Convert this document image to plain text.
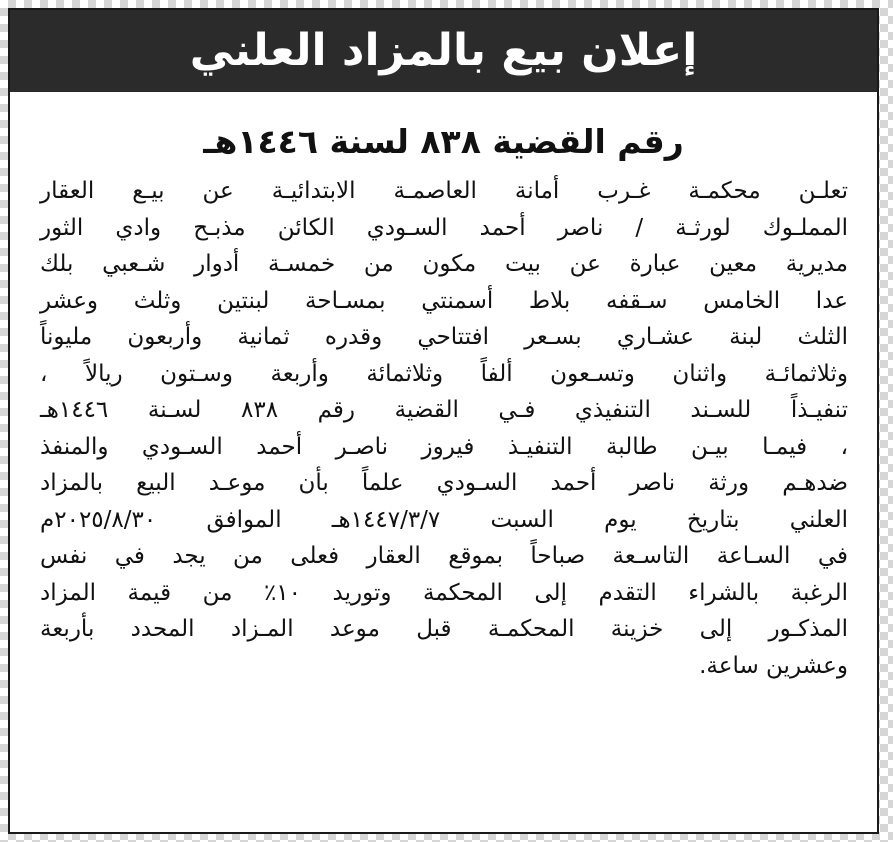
إعلان بيع بالمزاد العلني
رقم القضية ٨٣٨ لسنة ١٤٤٦هـ
تعلـن محكمـة غـرب أمانة العاصمـة الابتدائيـة عن بيـع العقار
المملـوك لورثـة / ناصر أحمد السـودي الكائن مذبـح وادي الثور
مديرية معين عبارة عن بيت مكون من خمسـة أدوار شـعبي بلك
عدا الخامس سـقفه بلاط أسمنتي بمسـاحة لبنتين وثلث وعشر
الثلث لبنة عشـاري بسـعر افتتاحي وقدره ثمانية وأربعون مليوناً
وثلاثمائـة واثنان وتسـعون ألفاً وثلاثمائة وأربعة وسـتون ريالاً ،
تنفيـذاً للسـند التنفيذي فـي القضية رقم ٨٣٨ لسـنة ١٤٤٦هـ
، فيمـا بيـن طالبة التنفيـذ فيروز ناصـر أحمد السـودي والمنفذ
ضدهـم ورثة ناصر أحمد السـودي علماً بأن موعـد البيع بالمزاد
العلني بتاريخ يوم السبت ١٤٤٧/٣/٧هـ الموافق ٢٠٢٥/٨/٣٠م
في السـاعة التاسـعة صباحاً بموقع العقار فعلى من يجد في نفس
الرغبة بالشراء التقدم إلى المحكمة وتوريد ١٠٪ من قيمة المزاد
المذكـور إلى خزينة المحكمـة قبل موعد المـزاد المحدد بأربعة
وعشرين ساعة.
